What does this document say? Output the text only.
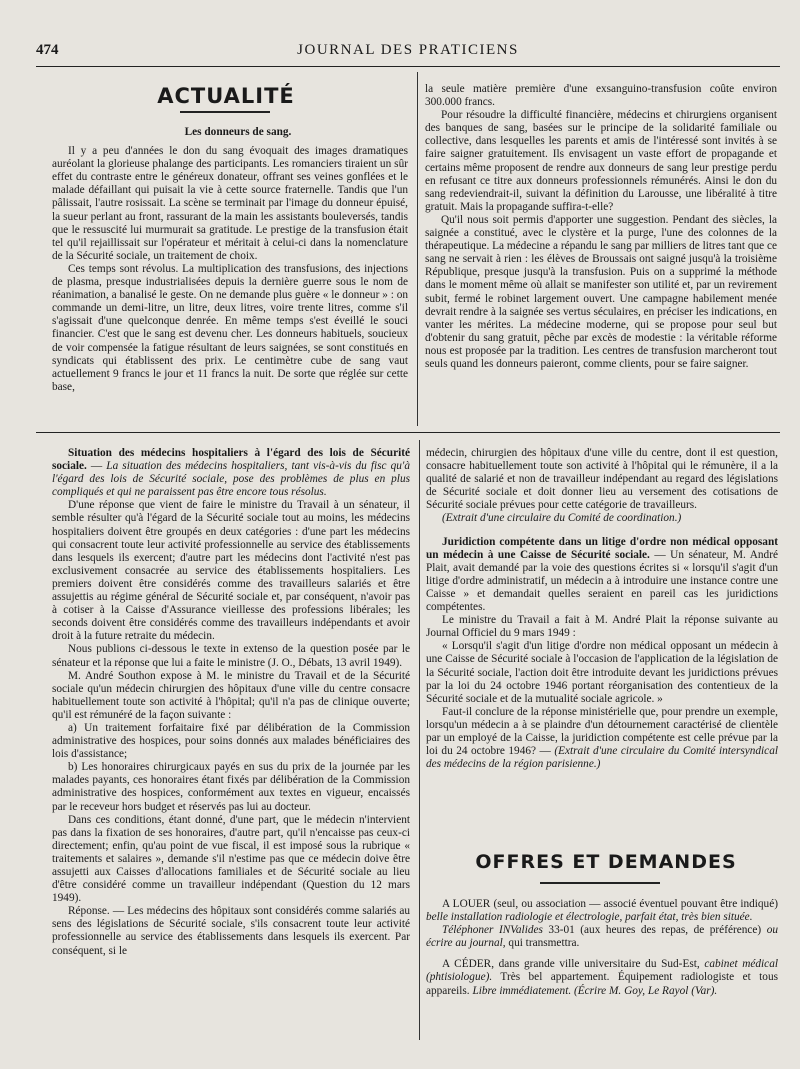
474	JOURNAL DES PRATICIENS
ACTUALITÉ

Les donneurs de sang.

Il y a peu d'années le don du sang évoquait des images dramatiques auréolant la glorieuse phalange des participants. Les romanciers tiraient un sûr effet du contraste entre le généreux donateur, offrant ses veines gonflées et le malade défaillant qui puisait la vie à cette source fraternelle. Tandis que l'un pâlissait, l'autre rosissait. La scène se terminait par l'image du donneur épuisé, la sueur perlant au front, rassurant de la main les assistants bouleversés, tandis que le ressuscité lui murmurait sa gratitude. Le prestige de la transfusion était tel qu'il rejaillissait sur l'opérateur et méritait à celui-ci dans la nomenclature de la Sécurité sociale, un traitement de choix.

Ces temps sont révolus. La multiplication des transfusions, des injections de plasma, presque industrialisées depuis la dernière guerre sous le nom de réanimation, a banalisé le geste. On ne demande plus guère « le donneur » : on commande un demi-litre, un litre, deux litres, voire trente litres, comme s'il s'agissait d'une quelconque denrée. En même temps s'est éveillé le souci financier. C'est que le sang est devenu cher. Les donneurs habituels, soucieux de voir compensée la fatigue résultant de leurs saignées, se sont constitués en syndicats qui établissent des prix. Le centimètre cube de sang vaut actuellement 9 francs le jour et 11 francs la nuit. De sorte que réglée sur cette base,

la seule matière première d'une exsanguino-transfusion coûte environ 300.000 francs.

Pour résoudre la difficulté financière, médecins et chirurgiens organisent des banques de sang, basées sur le principe de la solidarité familiale ou collective, dans lesquelles les parents et amis de l'intéressé sont invités à se faire saigner gratuitement. Ils envisagent un vaste effort de propagande et certains même proposent de rendre aux donneurs de sang leur prestige perdu en refusant ce titre aux donneurs professionnels rémunérés. Ainsi le don du sang redeviendrait-il, suivant la définition du Larousse, une libéralité à titre gratuit. Mais la propagande suffira-t-elle?

Qu'il nous soit permis d'apporter une suggestion. Pendant des siècles, la saignée a constitué, avec le clystère et la purge, l'une des colonnes de la thérapeutique. La médecine a répandu le sang par milliers de litres tant que ce sang ne servait à rien : les élèves de Broussais ont saigné jusqu'à la troisième République, presque jusqu'à la transfusion. Puis on a supprimé la méthode dans le moment même où allait se manifester son utilité et, par un revirement subit, fermé le robinet largement ouvert. Une campagne habilement menée devrait rendre à la saignée ses vertus séculaires, en préciser les indications, en vanter les mérites. La médecine moderne, qui se propose pour seul but d'obtenir du sang gratuit, pêche par excès de modestie : la véritable réforme nous est proposée par la tradition. Les centres de transfusion marcheront tout seuls quand les donneurs paieront, comme clients, pour se faire saigner.

Situation des médecins hospitaliers à l'égard des lois de Sécurité sociale. — La situation des médecins hospitaliers, tant vis-à-vis du fisc qu'à l'égard des lois de Sécurité sociale, pose des problèmes de plus en plus compliqués et qui ne paraissent pas être encore tous résolus.

D'une réponse que vient de faire le ministre du Travail à un sénateur, il semble résulter qu'à l'égard de la Sécurité sociale tout au moins, les médecins hospitaliers doivent être groupés en deux catégories : d'une part les médecins qui consacrent toute leur activité professionnelle au service des établissements dans lesquels ils exercent; d'autre part les médecins dont l'activité n'est pas exclusivement consacrée au service des établissements hospitaliers. Les premiers doivent être considérés comme des travailleurs salariés et être assujettis au régime général de Sécurité sociale et, par conséquent, n'avoir pas à cotiser à la Caisse d'Assurance vieillesse des professions libérales; les seconds doivent être considérés comme des travailleurs indépendants et avoir droit à la future retraite du médecin.

Nous publions ci-dessous le texte in extenso de la question posée par le sénateur et la réponse que lui a faite le ministre (J. O., Débats, 13 avril 1949).

M. André Southon expose à M. le ministre du Travail et de la Sécurité sociale qu'un médecin chirurgien des hôpitaux d'une ville du centre consacre habituellement toute son activité à l'hôpital; qu'il n'a pas de clinique ouverte; qu'il est rémunéré de la façon suivante :

a) Un traitement forfaitaire fixé par délibération de la Commission administrative des hospices, pour soins donnés aux malades bénéficiaires des lois d'assistance;

b) Les honoraires chirurgicaux payés en sus du prix de la journée par les malades payants, ces honoraires étant fixés par délibération de la Commission administrative des hospices, conformément aux textes en vigueur, encaissés par le receveur hors budget et réservés pas lui au docteur.

Dans ces conditions, étant donné, d'une part, que le médecin n'intervient pas dans la fixation de ses honoraires, d'autre part, qu'il n'encaisse pas ceux-ci directement; enfin, qu'au point de vue fiscal, il est imposé sous la rubrique « traitements et salaires », demande s'il n'estime pas que ce médecin doive être assujetti aux Caisses d'allocations familiales et de Sécurité sociale au lieu d'être considéré comme un travailleur indépendant (Question du 12 mars 1949).

Réponse. — Les médecins des hôpitaux sont considérés comme salariés au sens des législations de Sécurité sociale, s'ils consacrent toute leur activité professionnelle au service des établissements dans lesquels ils exercent. Par conséquent, si le

médecin, chirurgien des hôpitaux d'une ville du centre, dont il est question, consacre habituellement toute son activité à l'hôpital qui le rémunère, il a la qualité de salarié et non de travailleur indépendant au regard des législations de Sécurité sociale et doit donner lieu au versement des cotisations de Sécurité sociale prévues pour cette catégorie de travailleurs.

(Extrait d'une circulaire du Comité de coordination.)

Juridiction compétente dans un litige d'ordre non médical opposant un médecin à une Caisse de Sécurité sociale. — Un sénateur, M. André Plait, avait demandé par la voie des questions écrites si « lorsqu'il s'agit d'un litige d'ordre administratif, un médecin a à introduire une instance contre une Caisse » et demandait quelles seraient en pareil cas les juridictions compétentes.

Le ministre du Travail a fait à M. André Plait la réponse suivante au Journal Officiel du 9 mars 1949 :

« Lorsqu'il s'agit d'un litige d'ordre non médical opposant un médecin à une Caisse de Sécurité sociale à l'occasion de l'application de la législation de la Sécurité sociale, l'action doit être introduite devant les juridictions prévues par la loi du 24 octobre 1946 portant réorganisation des contentieux de la Sécurité sociale et de la mutualité sociale agricole. »

Faut-il conclure de la réponse ministérielle que, pour prendre un exemple, lorsqu'un médecin a à se plaindre d'un détournement caractérisé de clientèle par un employé de la Caisse, la juridiction compétente est celle prévue par la loi du 24 octobre 1946? — (Extrait d'une circulaire du Comité intersyndical des médecins de la région parisienne.)

OFFRES ET DEMANDES

A LOUER (seul, ou association — associé éventuel pouvant être indiqué) belle installation radiologie et électrologie, parfait état, très bien située.

Téléphoner INValides 33-01 (aux heures des repas, de préférence) ou écrire au journal, qui transmettra.

A CÉDER, dans grande ville universitaire du Sud-Est, cabinet médical (phtisiologue). Très bel appartement. Équipement radiologiste et tous appareils. Libre immédiatement. (Écrire M. Goy, Le Rayol (Var).
